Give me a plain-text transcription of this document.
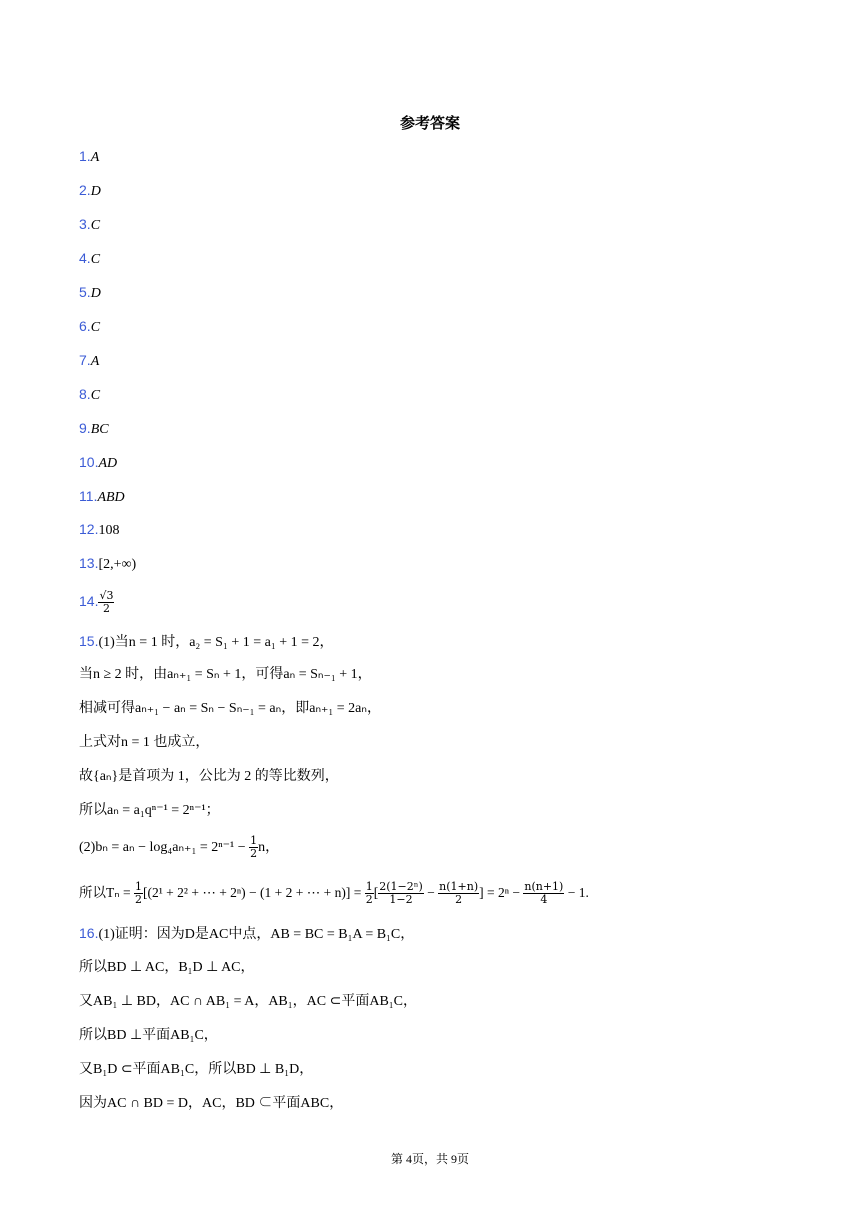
参考答案
1.A
2.D
3.C
4.C
5.D
6.C
7.A
8.C
9.BC
10.AD
11.ABD
12.108
13.[2,+∞)
14. $\frac{√3}{2}$
15.(1)当n = 1 时，a₂ = S₁ + 1 = a₁ + 1 = 2，
当n ≥ 2 时，由aₙ₊₁ = Sₙ + 1，可得aₙ = Sₙ₋₁ + 1，
相减可得aₙ₊₁ − aₙ = Sₙ − Sₙ₋₁ = aₙ，即aₙ₊₁ = 2aₙ，
上式对n = 1 也成立，
故{aₙ}是首项为 1，公比为 2 的等比数列，
所以aₙ = a₁qⁿ⁻¹ = 2ⁿ⁻¹；
$(2)b_n = a_n - \log_4a_{n+1} = 2^{n-1} - \frac{1}{2}$ n，
所以$T_n = \frac{1}{2} [(2^1 + 2^2$ + ⋯ + 2ⁿ) − (1 + 2 + ⋯ + $n)] = \frac{1}{2}$ [ $\frac{\text{2(1−2ⁿ)}}{1-2} - \frac{n(1+n)}{2}$ ] = $2^n - \frac{n(n+1)}{4} - 1$.
16.(1)证明：因为D是AC中点，AB = BC = B₁A = B₁C，
所以BD ⊥ AC，B₁D ⊥ AC，
又AB₁ ⊥ BD，AC ∩ AB₁ = A，AB₁，AC ⊂平面AB₁C，
所以BD ⊥平面AB₁C，
又B₁D ⊂平面AB₁C，所以BD ⊥ B₁D，
因为AC ∩ BD = D，AC，BD ⊂平面ABC，
第 4页，共 9页
